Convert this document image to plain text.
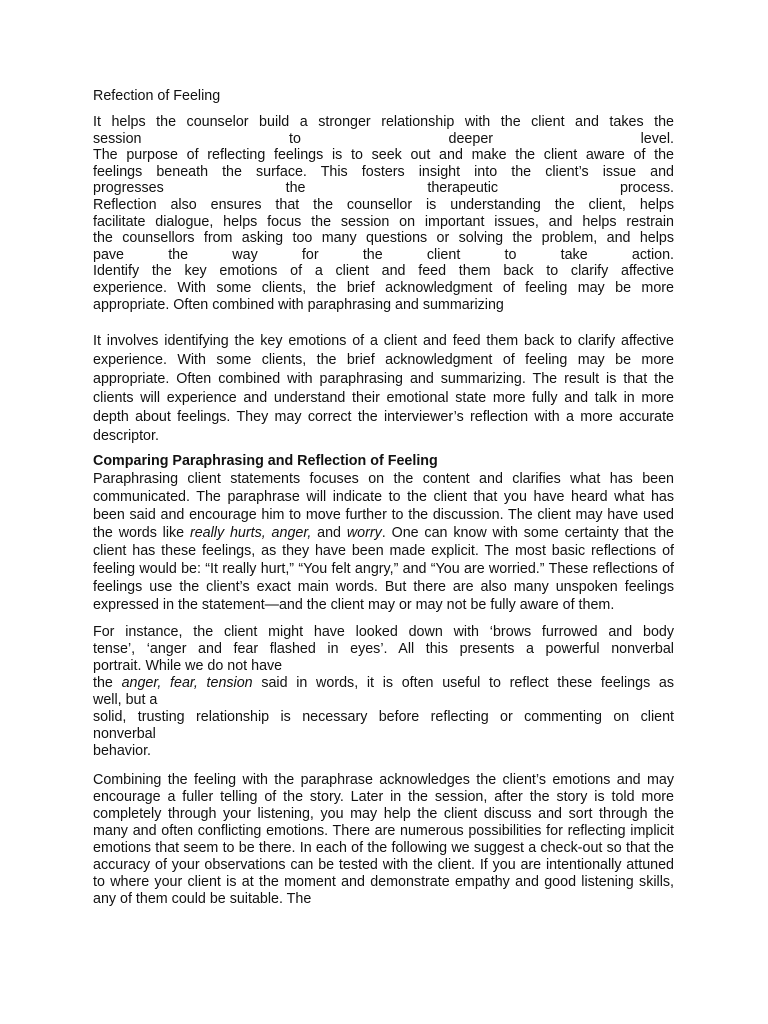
Refection of Feeling

It helps the counselor build a stronger relationship with the client and takes the
session to deeper level.
The purpose of reflecting feelings is to seek out and make the client aware of the
feelings beneath the surface. This fosters insight into the client’s issue and
progresses the therapeutic process.
Reflection also ensures that the counsellor is understanding the client, helps
facilitate dialogue, helps focus the session on important issues, and helps restrain
the counsellors from asking too many questions or solving the problem, and helps
pave the way for the client to take action.
Identify the key emotions of a client and feed them back to clarify affective
experience. With some clients, the brief acknowledgment of feeling may be more
appropriate. Often combined with paraphrasing and summarizing

It involves identifying the key emotions of a client and feed them back to clarify affective experience. With some clients, the brief acknowledgment of feeling may be more appropriate. Often combined with paraphrasing and summarizing. The result is that the clients will experience and understand their emotional state more fully and talk in more depth about feelings. They may correct the interviewer’s reflection with a more accurate descriptor.

Comparing Paraphrasing and Reflection of Feeling

Paraphrasing client statements focuses on the content and clarifies what has been communicated. The paraphrase will indicate to the client that you have heard what has been said and encourage him to move further to the discussion. The client may have used the words like really hurts, anger, and worry. One can know with some certainty that the client has these feelings, as they have been made explicit. The most basic reflections of feeling would be: “It really hurt,” “You felt angry,” and “You are worried.” These reflections of feelings use the client’s exact main words. But there are also many unspoken feelings expressed in the statement—and the client may or may not be fully aware of them.

For instance, the client might have looked down with ‘brows furrowed and body
tense’, ‘anger and fear flashed in eyes’. All this presents a powerful nonverbal
portrait. While we do not have
the anger, fear, tension said in words, it is often useful to reflect these feelings as
well, but a
solid, trusting relationship is necessary before reflecting or commenting on client
nonverbal
behavior.

Combining the feeling with the paraphrase acknowledges the client’s emotions and may encourage a fuller telling of the story. Later in the session, after the story is told more completely through your listening, you may help the client discuss and sort through the many and often conflicting emotions. There are numerous possibilities for reflecting implicit emotions that seem to be there. In each of the following we suggest a check-out so that the accuracy of your observations can be tested with the client. If you are intentionally attuned to where your client is at the moment and demonstrate empathy and good listening skills, any of them could be suitable. The
